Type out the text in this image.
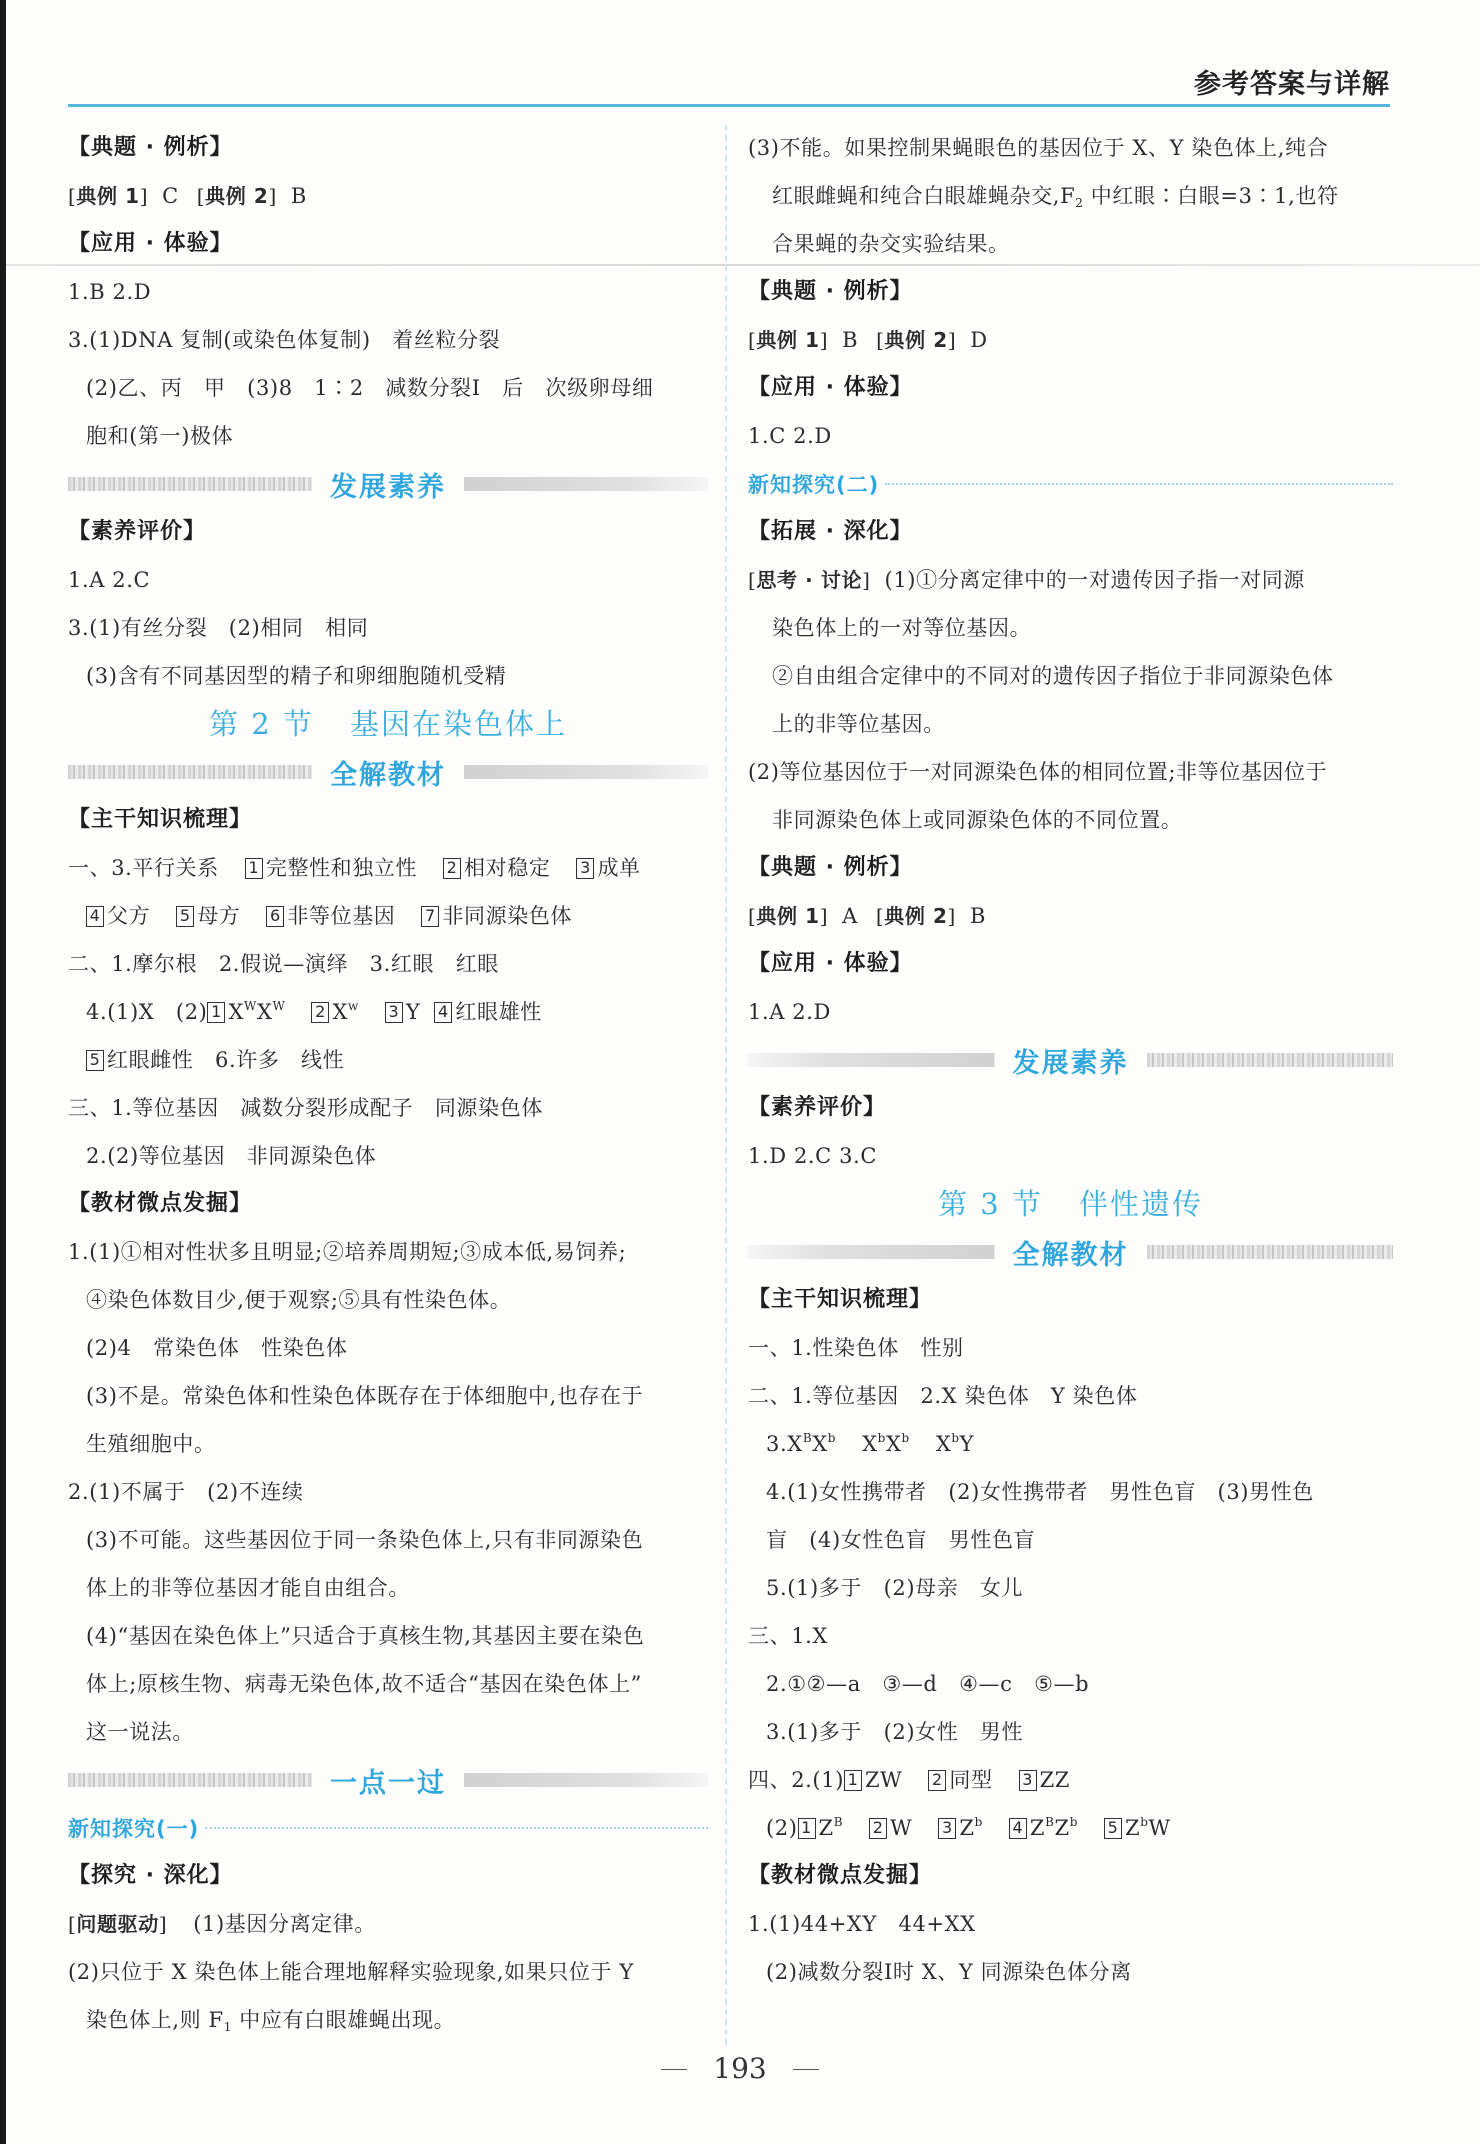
参考答案与详解
【典题 · 例析】
[ 典例 1 ] C [ 典例 2 ] B
【应用 · 体验】
1.B 2.D
3.(1)DNA 复制(或染色体复制)　着丝粒分裂
(2)乙、丙　甲　(3)8　1∶2　减数分裂Ⅰ　后　次级卵母细
胞和(第一)极体
发展素养
【素养评价】
1.A 2.C
3.(1)有丝分裂　(2)相同　相同
(3)含有不同基因型的精子和卵细胞随机受精
第 2 节 基因在染色体上
全解教材
【主干知识梳理】
一、3.平行关系 1 完整性和独立性 2 相对稳定 3 成单
4 父方 5 母方 6 非等位基因 7 非同源染色体
二、1.摩尔根　2.假说—演绎　3.红眼　红眼
4.(1)X　(2) 1 $X^WX^W$ 2 $X^w$ 3 Y 4 红眼雄性
5 红眼雌性　6.许多　线性
三、1.等位基因　减数分裂形成配子　同源染色体
2.(2)等位基因　非同源染色体
【教材微点发掘】
1.(1)①相对性状多且明显;②培养周期短;③成本低,易饲养;
④染色体数目少,便于观察;⑤具有性染色体。
(2)4　常染色体　性染色体
(3)不是。常染色体和性染色体既存在于体细胞中,也存在于
生殖细胞中。
2.(1)不属于　(2)不连续
(3)不可能。这些基因位于同一条染色体上,只有非同源染色
体上的非等位基因才能自由组合。
(4)“基因在染色体上”只适合于真核生物,其基因主要在染色
体上;原核生物、病毒无染色体,故不适合“基因在染色体上”
这一说法。
一点一过
新知探究(一)
【探究 · 深化】
[ 问题驱动 ] (1)基因分离定律。
(2)只位于 X 染色体上能合理地解释实验现象,如果只位于 Y
染色体上,则 $F_1$ 中应有白眼雄蝇出现。
(3)不能。如果控制果蝇眼色的基因位于 X、Y 染色体上,纯合
红眼雌蝇和纯合白眼雄蝇杂交$,F_2$ 中红眼∶白眼=3∶1,也符
合果蝇的杂交实验结果。
【典题 · 例析】
[ 典例 1 ] B [ 典例 2 ] D
【应用 · 体验】
1.C 2.D
新知探究(二)
【拓展 · 深化】
[ 思考 · 讨论 ] (1)①分离定律中的一对遗传因子指一对同源
染色体上的一对等位基因。
②自由组合定律中的不同对的遗传因子指位于非同源染色体
上的非等位基因。
(2)等位基因位于一对同源染色体的相同位置;非等位基因位于
非同源染色体上或同源染色体的不同位置。
【典题 · 例析】
[ 典例 1 ] A [ 典例 2 ] B
【应用 · 体验】
1.A 2.D
发展素养
【素养评价】
1.D 2.C 3.C
第 3 节 伴性遗传
全解教材
【主干知识梳理】
一、1.性染色体　性别
二、1.等位基因　2.X 染色体　Y 染色体
$3.X^BX^b$ $X^bX^b$ $X^bY$
4.(1)女性携带者　(2)女性携带者　男性色盲　(3)男性色
盲　(4)女性色盲　男性色盲
5.(1)多于　(2)母亲　女儿
三、1.X
2.①②—a　③—d　④—c　⑤—b
3.(1)多于　(2)女性　男性
四、2.(1) 1 ZW 2 同型 3 ZZ
(2) 1 $Z^B$ 2 W 3 $Z^b$ 4 $Z^BZ^b$ 5 $Z^bW$
【教材微点发掘】
1.(1)44+XY　44+XX
(2)减数分裂Ⅰ时 X、Y 同源染色体分离
193
